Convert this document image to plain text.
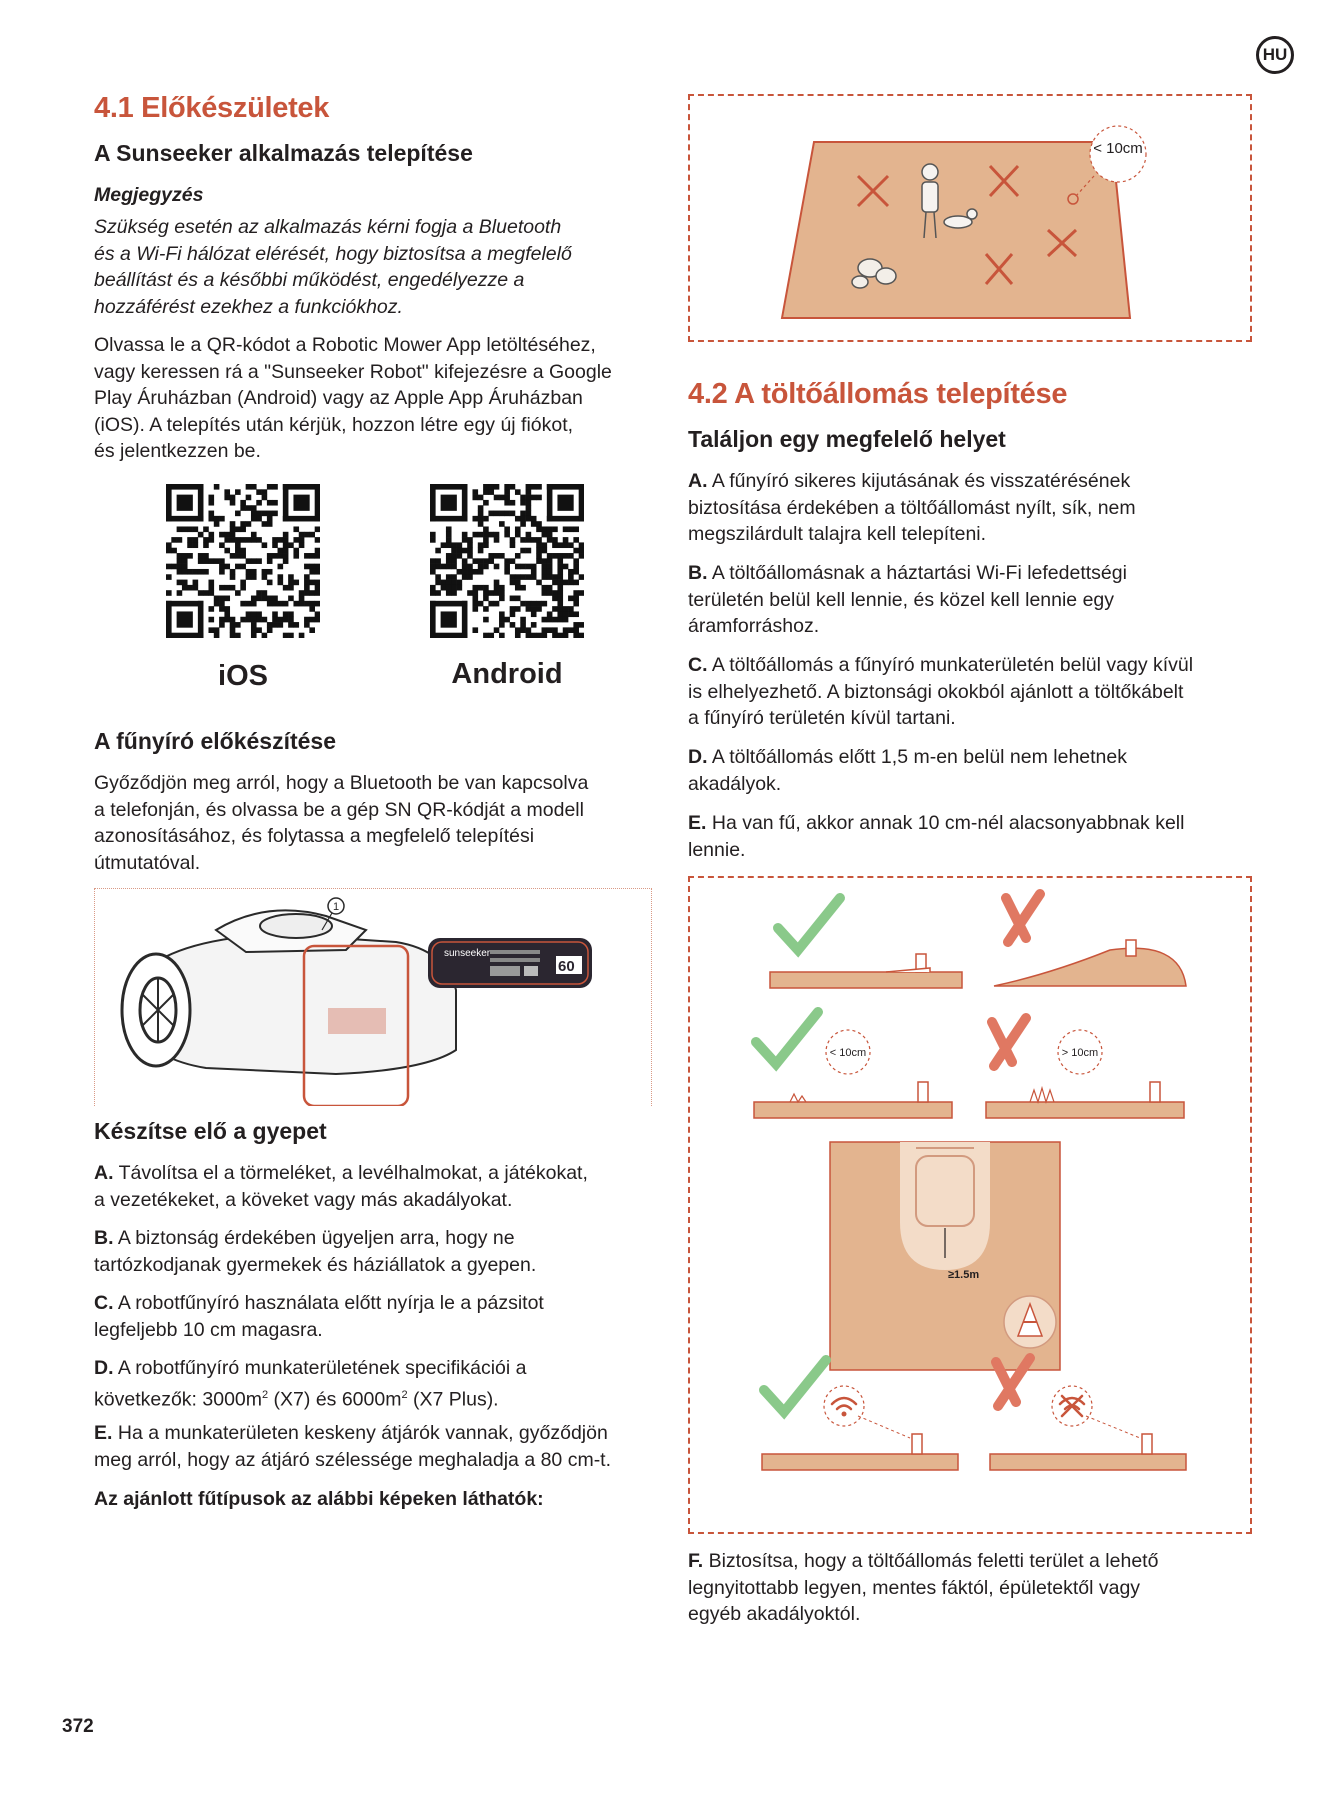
HU
4.1 Előkészületek
A Sunseeker alkalmazás telepítése
Megjegyzés
Szükség esetén az alkalmazás kérni fogja a Bluetooth
és a Wi-Fi hálózat elérését, hogy biztosítsa a megfelelő
beállítást és a későbbi működést, engedélyezze a
hozzáférést ezekhez a funkciókhoz.
Olvassa le a QR-kódot a Robotic Mower App letöltéséhez,
vagy keressen rá a "Sunseeker Robot" kifejezésre a Google
Play Áruházban (Android) vagy az Apple App Áruházban
(iOS). A telepítés után kérjük, hozzon létre egy új fiókot,
és jelentkezzen be.
iOS	Android
A fűnyíró előkészítése
Győződjön meg arról, hogy a Bluetooth be van kapcsolva
a telefonján, és olvassa be a gép SN QR-kódját a modell
azonosításához, és folytassa a megfelelő telepítési
útmutatóval.
1
sunseeker
60
Készítse elő a gyepet
A. Távolítsa el a törmeléket, a levélhalmokat, a játékokat,
a vezetékeket, a köveket vagy más akadályokat.
B. A biztonság érdekében ügyeljen arra, hogy ne
tartózkodjanak gyermekek és háziállatok a gyepen.
C. A robotfűnyíró használata előtt nyírja le a pázsitot
legfeljebb 10 cm magasra.
D. A robotfűnyíró munkaterületének specifikációi a
következők: $3000m^2$ (X7) és $6000m^2$ (X7 Plus).
E. Ha a munkaterületen keskeny átjárók vannak, győződjön
meg arról, hogy az átjáró szélessége meghaladja a 80 cm-t.
Az ajánlott fűtípusok az alábbi képeken láthatók:
372
< 10cm
4.2 A töltőállomás telepítése
Találjon egy megfelelő helyet
A. A fűnyíró sikeres kijutásának és visszatérésének
biztosítása érdekében a töltőállomást nyílt, sík, nem
megszilárdult talajra kell telepíteni.
B. A töltőállomásnak a háztartási Wi-Fi lefedettségi
területén belül kell lennie, és közel kell lennie egy
áramforráshoz.
C. A töltőállomás a fűnyíró munkaterületén belül vagy kívül
is elhelyezhető. A biztonsági okokból ajánlott a töltőkábelt
a fűnyíró területén kívül tartani.
D. A töltőállomás előtt 1,5 m-en belül nem lehetnek
akadályok.
E. Ha van fű, akkor annak 10 cm-nél alacsonyabbnak kell
lennie.
< 10cm	> 10cm
≥1.5m
F. Biztosítsa, hogy a töltőállomás feletti terület a lehető
legnyitottabb legyen, mentes fáktól, épületektől vagy
egyéb akadályoktól.
